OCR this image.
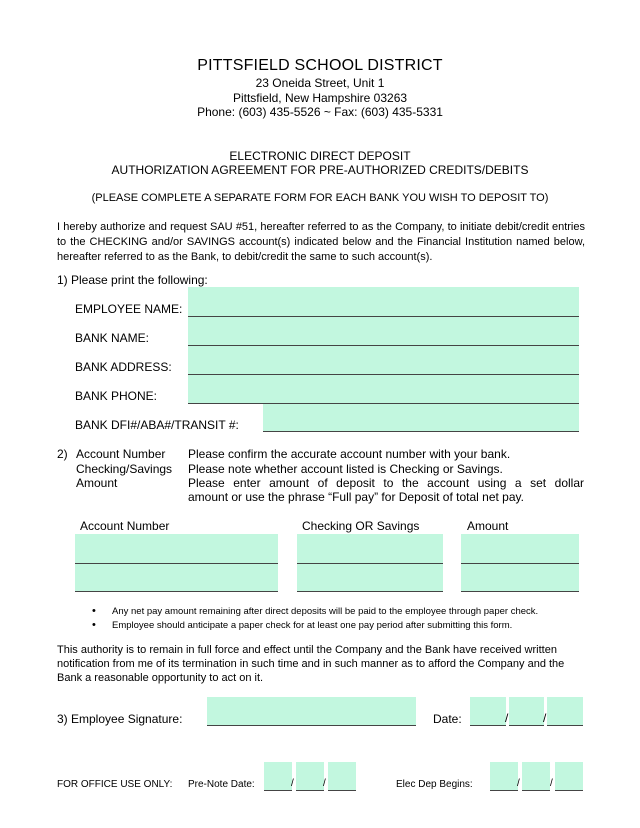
PITTSFIELD SCHOOL DISTRICT
23 Oneida Street, Unit 1
Pittsfield, New Hampshire 03263
Phone: (603) 435-5526 ~ Fax: (603) 435-5331
ELECTRONIC DIRECT DEPOSIT
AUTHORIZATION AGREEMENT FOR PRE-AUTHORIZED CREDITS/DEBITS
(PLEASE COMPLETE A SEPARATE FORM FOR EACH BANK YOU WISH TO DEPOSIT TO)
I hereby authorize and request SAU #51, hereafter referred to as the Company, to initiate debit/credit entries to the CHECKING and/or SAVINGS account(s) indicated below and the Financial Institution named below, hereafter referred to as the Bank, to debit/credit the same to such account(s).
1) Please print the following:
EMPLOYEE NAME:
BANK NAME:
BANK ADDRESS:
BANK PHONE:
BANK DFI#/ABA#/TRANSIT #:
2) Account Number Please confirm the accurate account number with your bank.
Checking/Savings Please note whether account listed is Checking or Savings.
Amount	Please enter amount of deposit to the account using a set dollar
amount or use the phrase “Full pay” for Deposit of total net pay.
Account Number	Checking OR Savings	Amount
• Any net pay amount remaining after direct deposits will be paid to the employee through paper check.
• Employee should anticipate a paper check for at least one pay period after submitting this form.
This authority is to remain in full force and effect until the Company and the Bank have received written notification from me of its termination in such time and in such manner as to afford the Company and the Bank a reasonable opportunity to act on it.
3) Employee Signature:	Date:	/	/
FOR OFFICE USE ONLY: Pre-Note Date:	/	/	Elec Dep Begins:	/	/
